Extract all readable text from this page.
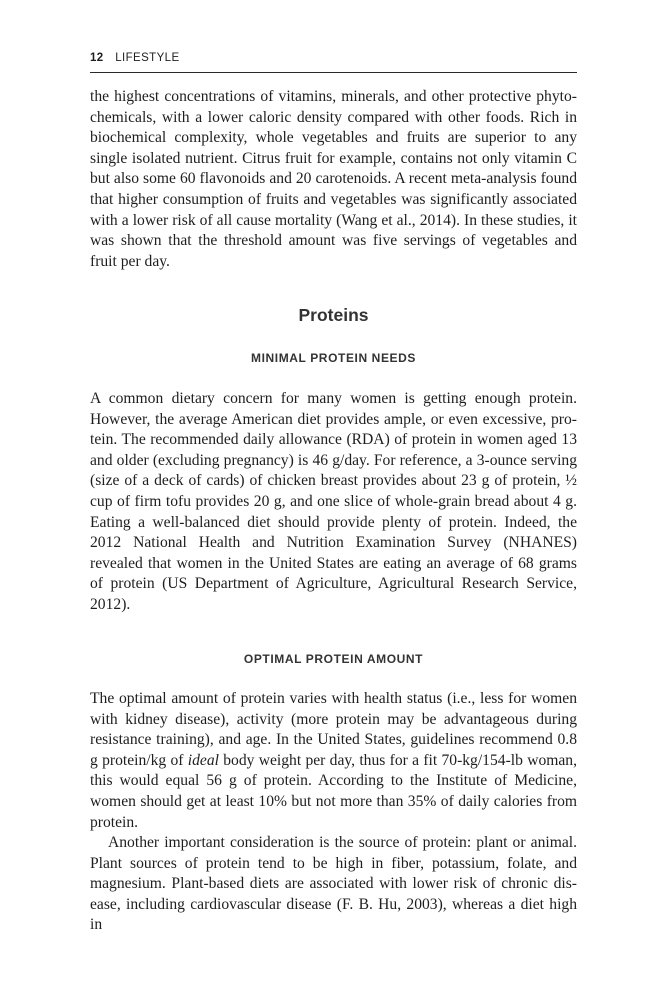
12 LIFESTYLE

the highest concentrations of vitamins, minerals, and other protective phytochemicals, with a lower caloric density compared with other foods. Rich in biochemical complexity, whole vegetables and fruits are superior to any single isolated nutrient. Citrus fruit for example, contains not only vitamin C but also some 60 flavonoids and 20 carotenoids. A recent meta-analysis found that higher consumption of fruits and vegetables was significantly associated with a lower risk of all cause mortality (Wang et al., 2014). In these studies, it was shown that the threshold amount was five servings of vegetables and fruit per day.

Proteins
MINIMAL PROTEIN NEEDS

A common dietary concern for many women is getting enough protein. However, the average American diet provides ample, or even excessive, protein. The recommended daily allowance (RDA) of protein in women aged 13 and older (excluding pregnancy) is 46 g/day. For reference, a 3-ounce serving (size of a deck of cards) of chicken breast provides about 23 g of protein, ½ cup of firm tofu provides 20 g, and one slice of whole-grain bread about 4 g. Eating a well-balanced diet should provide plenty of protein. Indeed, the 2012 National Health and Nutrition Examination Survey (NHANES) revealed that women in the United States are eating an average of 68 grams of protein (US Department of Agriculture, Agricultural Research Service, 2012).

OPTIMAL PROTEIN AMOUNT

The optimal amount of protein varies with health status (i.e., less for women with kidney disease), activity (more protein may be advantageous during resistance training), and age. In the United States, guidelines recommend 0.8 g protein/kg of ideal body weight per day, thus for a fit 70-kg/154-lb woman, this would equal 56 g of protein. According to the Institute of Medicine, women should get at least 10% but not more than 35% of daily calories from protein.

Another important consideration is the source of protein: plant or animal. Plant sources of protein tend to be high in fiber, potassium, folate, and magnesium. Plant-based diets are associated with lower risk of chronic disease, including cardiovascular disease (F. B. Hu, 2003), whereas a diet high in
